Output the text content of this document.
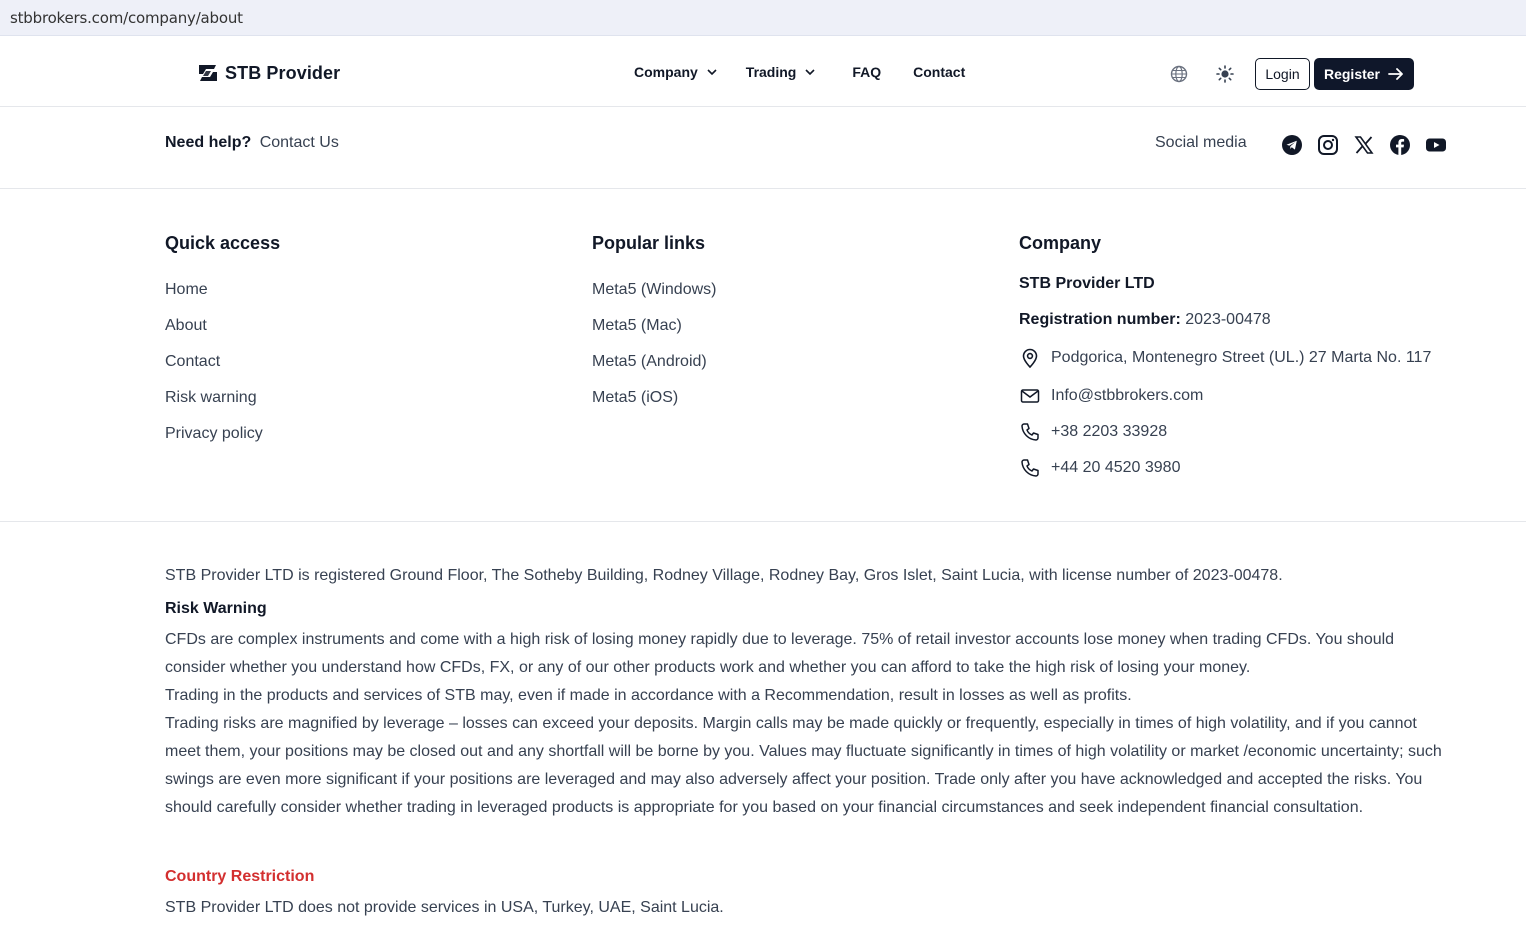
stbbrokers.com/company/about
STB Provider	Company	Trading	FAQ Contact	Login	Register
Need help? Contact Us	Social media
Quick access
Home
About
Contact
Risk warning
Privacy policy
Popular links
Meta5 (Windows)
Meta5 (Mac)
Meta5 (Android)
Meta5 (iOS)
Company
STB Provider LTD
Registration number: 2023-00478
Podgorica, Montenegro Street (UL.) 27 Marta No. 117
Info@stbbrokers.com
+38 2203 33928
+44 20 4520 3980

STB Provider LTD is registered Ground Floor, The Sotheby Building, Rodney Village, Rodney Bay, Gros Islet, Saint Lucia, with license number of 2023-00478.

Risk Warning

CFDs are complex instruments and come with a high risk of losing money rapidly due to leverage. 75% of retail investor accounts lose money when trading CFDs. You should consider whether you understand how CFDs, FX, or any of our other products work and whether you can afford to take the high risk of losing your money.

Trading in the products and services of STB may, even if made in accordance with a Recommendation, result in losses as well as profits.

Trading risks are magnified by leverage – losses can exceed your deposits. Margin calls may be made quickly or frequently, especially in times of high volatility, and if you cannot meet them, your positions may be closed out and any shortfall will be borne by you. Values may fluctuate significantly in times of high volatility or market /economic uncertainty; such swings are even more significant if your positions are leveraged and may also adversely affect your position. Trade only after you have acknowledged and accepted the risks. You should carefully consider whether trading in leveraged products is appropriate for you based on your financial circumstances and seek independent financial consultation.

Country Restriction

STB Provider LTD does not provide services in USA, Turkey, UAE, Saint Lucia.
